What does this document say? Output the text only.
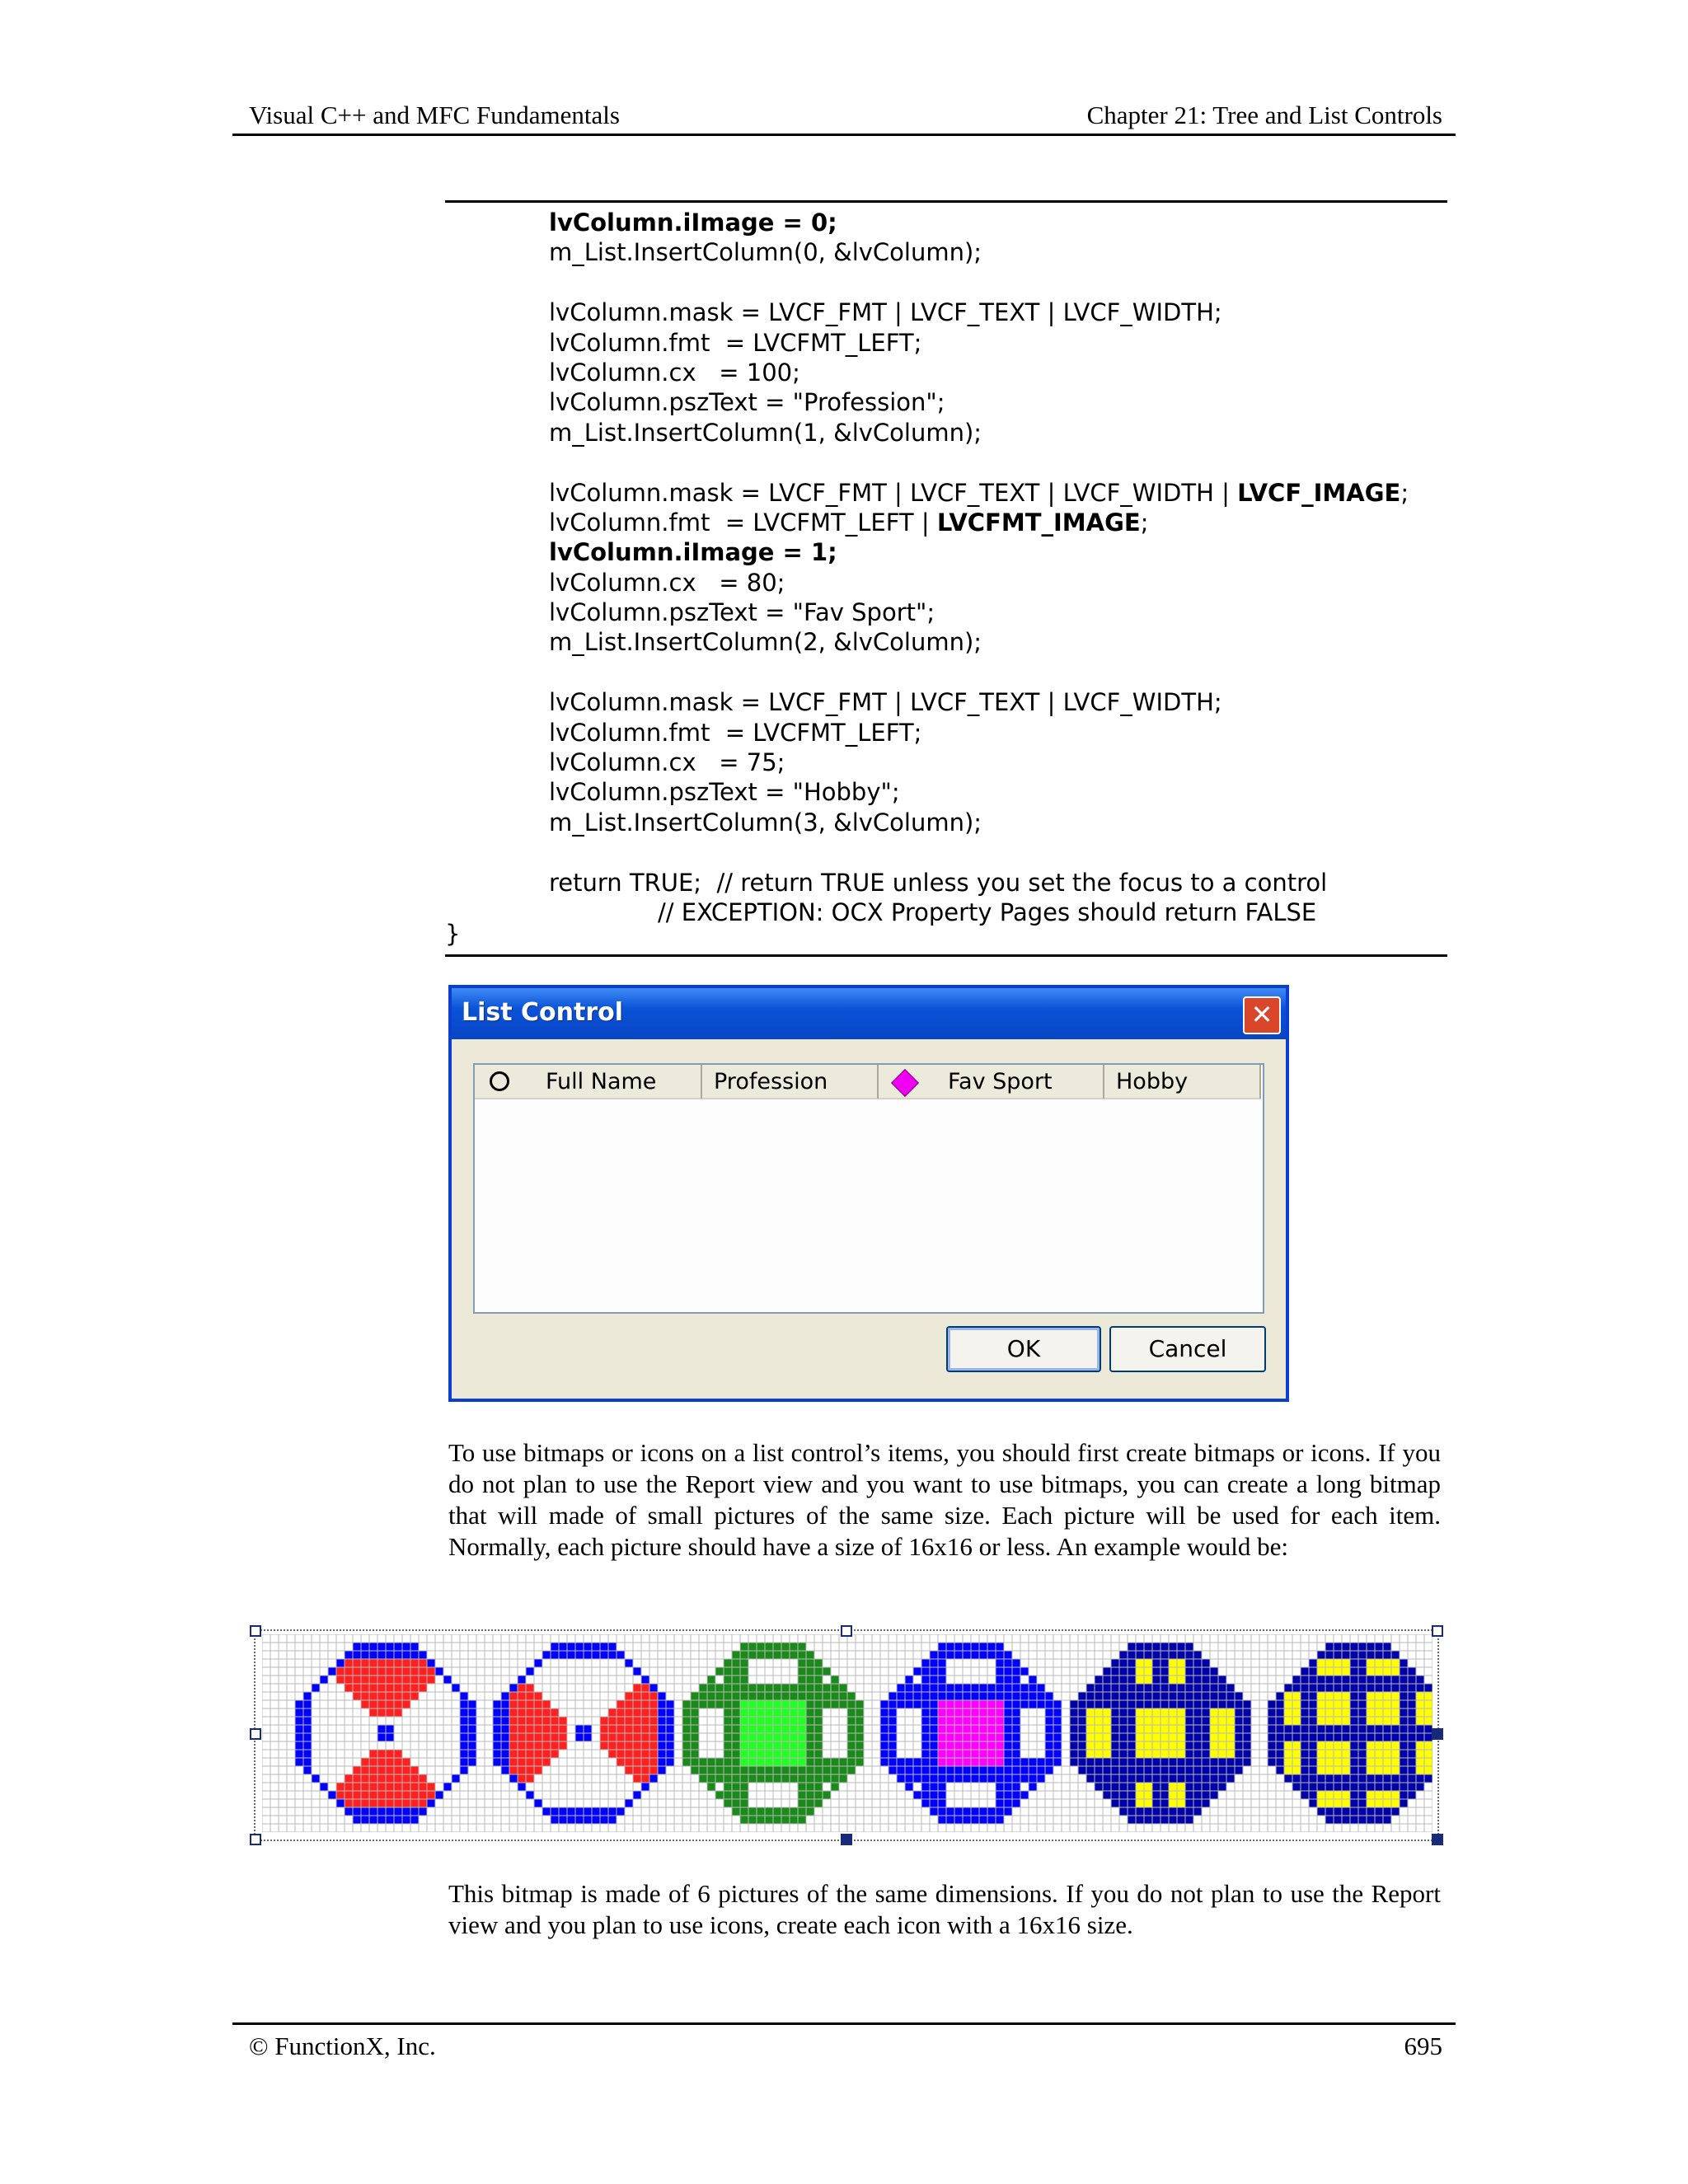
Visual C++ and MFC Fundamentals	Chapter 21: Tree and List Controls
lvColumn.iImage = 0;
m_List.InsertColumn(0, &lvColumn);
lvColumn.mask = LVCF_FMT | LVCF_TEXT | LVCF_WIDTH;
lvColumn.fmt  = LVCFMT_LEFT;
lvColumn.cx   = 100;
lvColumn.pszText = "Profession";
m_List.InsertColumn(1, &lvColumn);
lvColumn.mask = LVCF_FMT | LVCF_TEXT | LVCF_WIDTH | LVCF_IMAGE;
lvColumn.fmt  = LVCFMT_LEFT | LVCFMT_IMAGE;
lvColumn.iImage = 1;
lvColumn.cx   = 80;
lvColumn.pszText = "Fav Sport";
m_List.InsertColumn(2, &lvColumn);
lvColumn.mask = LVCF_FMT | LVCF_TEXT | LVCF_WIDTH;
lvColumn.fmt  = LVCFMT_LEFT;
lvColumn.cx   = 75;
lvColumn.pszText = "Hobby";
m_List.InsertColumn(3, &lvColumn);
return TRUE;  // return TRUE unless you set the focus to a control
// EXCEPTION: OCX Property Pages should return FALSE
}
List Control	✕
Full Name	Profession	Fav Sport	Hobby
OK	Cancel

To use bitmaps or icons on a list control’s items, you should first create bitmaps or icons. If you do not plan to use the Report view and you want to use bitmaps, you can create a long bitmap that will made of small pictures of the same size. Each picture will be used for each item. Normally, each picture should have a size of 16x16 or less. An example would be:

This bitmap is made of 6 pictures of the same dimensions. If you do not plan to use the Report view and you plan to use icons, create each icon with a 16x16 size.

© FunctionX, Inc.	695
